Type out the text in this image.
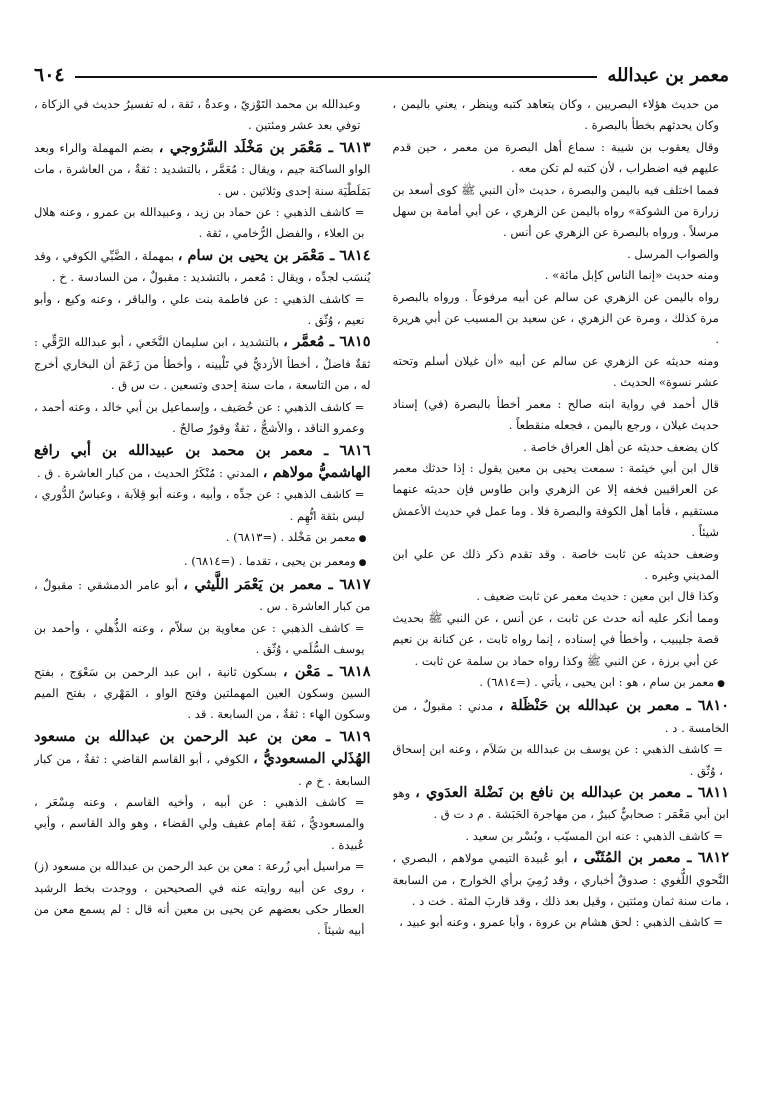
٦٠٤	معمر بن عبدالله

من حديث هؤلاء البصريين ، وكان يتعاهد كتبه وينظر ، يعني باليمن ، وكان يحدثهم بخطأ بالبصرة .

وقال يعقوب بن شيبة : سماع أهل البصرة من معمر ، حين قدم عليهم فيه اضطراب ، لأن كتبه لم تكن معه .

فمما اختلف فيه باليمن والبصرة ، حديث «أن النبي ﷺ كوى أسعد بن زرارة من الشوكة» رواه باليمن عن الزهري ، عن أبي أمامة بن سهل مرسلاً . ورواه بالبصرة عن الزهري عن أنس .

والصواب المرسل .

ومنه حديث «إنما الناس كإبل مائة» .

رواه باليمن عن الزهري عن سالم عن أبيه مرفوعاً . ورواه بالبصرة مرة كذلك ، ومرة عن الزهري ، عن سعيد بن المسيب عن أبي هريرة .

ومنه حديثه عن الزهري عن سالم عن أبيه «أن غيلان أسلم وتحته عشر نسوة» الحديث .

قال أحمد في رواية ابنه صالح : معمر أخطأ بالبصرة (في) إسناد حديث غيلان ، ورجع باليمن ، فجعله منقطعاً .

كان يضعف حديثه عن أهل العراق خاصة .

قال ابن أبي خيثمة : سمعت يحيى بن معين يقول : إذا حدثك معمر عن العراقيين فخفه إلا عن الزهري وابن طاوس فإن حديثه عنهما مستقيم ، فأما أهل الكوفة والبصرة فلا . وما عمل في حديث الأعمش شيئاً .

وضعف حديثه عن ثابت خاصة . وقد تقدم ذكر ذلك عن علي ابن المديني وغيره .

وكذا قال ابن معين : حديث معمر عن ثابت ضعيف .

ومما أنكر عليه أنه حدث عن ثابت ، عن أنس ، عن النبي ﷺ بحديث قصة جليبيب ، وأخطأ في إسناده ، إنما رواه ثابت ، عن كنانة بن نعيم عن أبي برزة ، عن النبي ﷺ وكذا رواه حماد بن سلمة عن ثابت .

● معمر بن سام ، هو : ابن يحيى ، يأتي . (=٦٨١٤) .

٦٨١٠ ـ معمر بن عبدالله بن حَنْظَلة ، مدني : مقبولٌ ، من الخامسة . د .

= كاشف الذهبي : عن يوسف بن عبدالله بن سَلاَم ، وعنه ابن إسحاق ، وُثّق .

٦٨١١ ـ معمر بن عبدالله بن نافع بن نَضْلة العدَوي ، وهو ابن أبي مَعْمَر : صحابيٌّ كبيرٌ ، من مهاجرة الحَبَشة . م د ت ق .

= كاشف الذهبي : عنه ابن المسيّب ، وبُسْر بن سعيد .

٦٨١٢ ـ معمر بن المُثَنّى ، أبو عُبيدة التيمي مولاهم ، البصري ، النَّحوي اللُّغوي : صدوقٌ أخباري ، وقد رُمِيَ برأي الخوارج ، من السابعة ، مات سنة ثمان ومئتين ، وقيل بعد ذلك ، وقد قاربَ المئة . خت د .

= كاشف الذهبي : لحق هشام بن عروة ، وأبا عمرو ، وعنه أبو عبيد ،

وعبدالله بن محمد التَوْزيّ ، وعدةٌ ، ثقة ، له تفسيرُ حديث في الزكاة ، توفي بعد عشر ومئتين .

٦٨١٣ ـ مَعْمَر بن مَخْلَد السَّرُوجي ، بضم المهملة والراء وبعد الواو الساكنة جيم ، ويقال : مُعَمَّر ، بالتشديد : ثقةٌ ، من العاشرة ، مات بَمَلَطْيَة سنة إحدى وثلاثين . س .

= كاشف الذهبي : عن حماد بن زيد ، وعبيدالله بن عمرو ، وعنه هلال بن العلاء ، والفضل الرُّخامي ، ثقة .

٦٨١٤ ـ مَعْمَر بن يحيى بن سام ، بمهملة ، الضَّبِّي الكوفي ، وقد يُنسَب لجدِّه ، ويقال : مُعمر ، بالتشديد : مقبولٌ ، من السادسة . خ .

= كاشف الذهبي : عن فاطمة بنت علي ، والباقر ، وعنه وكيع ، وأبو نعيم ، وُثّق .

٦٨١٥ ـ مُعمَّر ، بالتشديد ، ابن سليمان النَّخَعي ، أبو عبدالله الرَّقِّي : ثقةٌ فاضلٌ ، أخطأ الأزديُّ في تَلْيينه ، وأخطأ من زَعَمَ أن البخاري أخرج له ، من التاسعة ، مات سنة إحدى وتسعين . ت س ق .

= كاشف الذهبي : عن خُصَيف ، وإسماعيل بن أبي خالد ، وعنه أحمد ، وعمرو الناقد ، والأشجُّ ، ثقةٌ وقورٌ صالحٌ .

٦٨١٦ ـ معمر بن محمد بن عبيدالله بن أبي رافع الهاشميُّ مولاهم ، المدني : مُنْكَرُ الحديث ، من كبار العاشرة . ق .

= كاشف الذهبي : عن جدِّه ، وأبيه ، وعنه أبو قِلاَبة ، وعباسٌ الدُّوري ، ليس بثقة اتُّهِم .

● معمر بن مَخْلد . (=٦٨١٣) .

● ومعمر بن يحيى ، تقدما . (=٦٨١٤) .

٦٨١٧ ـ معمر بن يَعْمَر اللَّيثي ، أبو عامر الدمشقي : مقبولٌ ، من كبار العاشرة . س .

= كاشف الذهبي : عن معاوية بن سلاّم ، وعنه الذُّهلي ، وأحمد بن يوسف السُّلَمي ، وُثّق .

٦٨١٨ ـ مَعْن ، بسكون ثانية ، ابن عبد الرحمن بن سَعْوَج ، بفتح السين وسكون العين المهملتين وفتح الواو ، المَهْري ، بفتح الميم وسكون الهاء : ثقةٌ ، من السابعة . قد .

٦٨١٩ ـ معن بن عبد الرحمن بن عبدالله بن مسعود الهُذَلي المسعوديُّ ، الكوفي ، أبو القاسم القاضي : ثقةٌ ، من كبار السابعة . خ م .

= كاشف الذهبي : عن أبيه ، وأخيه القاسم ، وعنه مِسْعَر ، والمسعوديُّ ، ثقة إمام عفيف ولي القضاء ، وهو والد القاسم ، وأبي عُبيدة .

= مراسيل أبي زُرعة : معن بن عبد الرحمن بن عبدالله بن مسعود (ز) ، روى عن أبيه روايته عنه في الصحيحين ، ووجدت بخط الرشيد العطار حكى بعضهم عن يحيى بن معين أنه قال : لم يسمع معن من أبيه شيئاً .
